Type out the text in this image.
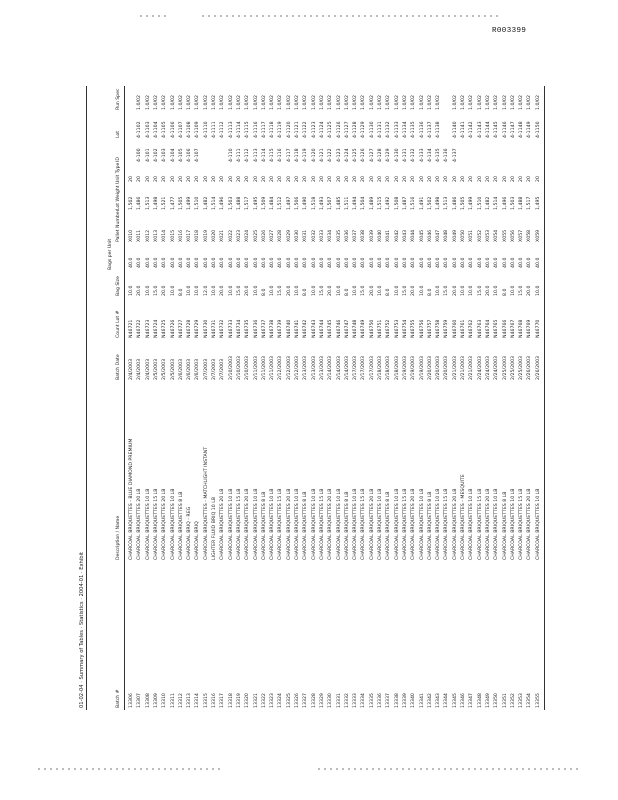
R003399
01-02-04 · Summary of Tables · Statistics · 2004-01 · Exhibit	Batch #
Description / Name
Batch Date
Count Lot #
Bag Size
Bags per Unit
Pallet Number
Lot Weight
Unit Type
ID
Lot
Run Spec
13306
CHARCOAL BRIQUETTES - BLUE DIAMOND PREMIUM
2/4/2003
N46721
10.0
40.0
X010
1,502
20
13307
CHARCOAL BRIQUETTES 20 LB
2/4/2003
N46722
20.0
40.0
X011
1,486
20
4-100
4-1102
1.0/02
13308
CHARCOAL BRIQUETTES 10 LB
2/4/2003
N46723
10.0
40.0
X012
1,513
20
4-101
4-1103
1.0/02
13309
CHARCOAL BRIQUETTES 15 LB
2/5/2003
N46724
15.0
40.0
X013
1,498
20
4-102
4-1104
1.0/02
13310
CHARCOAL BRIQUETTES 20 LB
2/5/2003
N46725
20.0
40.0
X014
1,521
20
4-103
4-1105
1.0/02
13311
CHARCOAL BRIQUETTES 10 LB
2/5/2003
N46726
10.0
40.0
X015
1,477
20
4-104
4-1106
1.0/02
13312
CHARCOAL BRIQUETTES 8 LB
2/6/2003
N46727
8.0
40.0
X016
1,505
20
4-105
4-1107
1.0/02
13313
CHARCOAL BRIQ - REG
2/6/2003
N46728
10.0
40.0
X017
1,499
20
4-106
4-1108
1.0/02
13314
CHARCOAL BRIQ
2/6/2003
N46729
10.0
40.0
X018
1,510
20
4-107
4-1109
1.0/02
13315
CHARCOAL BRIQUETTES - MATCHLIGHT INSTANT
2/7/2003
N46730
12.0
40.0
X019
1,482
20
4-1110
1.0/02
13316
LIGHTER FLUID BRIQ 10 LB
2/7/2003
N46731
10.0
40.0
X020
1,514
20
4-1111
1.0/02
13317
CHARCOAL BRIQUETTES 20 LB
2/7/2003
N46732
20.0
40.0
X021
1,496
20
4-1112
1.0/02
13318
CHARCOAL BRIQUETTES 10 LB
2/10/2003
N46733
10.0
40.0
X022
1,503
20
4-110
4-1113
1.0/02
13319
CHARCOAL BRIQUETTES 15 LB
2/10/2003
N46734
15.0
40.0
X023
1,488
20
4-111
4-1114
1.0/02
13320
CHARCOAL BRIQUETTES 20 LB
2/10/2003
N46735
20.0
40.0
X024
1,517
20
4-112
4-1115
1.0/02
13321
CHARCOAL BRIQUETTES 10 LB
2/11/2003
N46736
10.0
40.0
X025
1,495
20
4-113
4-1116
1.0/02
13322
CHARCOAL BRIQUETTES 8 LB
2/11/2003
N46737
8.0
40.0
X026
1,509
20
4-114
4-1117
1.0/02
13323
CHARCOAL BRIQUETTES 10 LB
2/11/2003
N46738
10.0
40.0
X027
1,484
20
4-115
4-1118
1.0/02
13324
CHARCOAL BRIQUETTES 15 LB
2/12/2003
N46739
15.0
40.0
X028
1,512
20
4-116
4-1119
1.0/02
13325
CHARCOAL BRIQUETTES 20 LB
2/12/2003
N46740
20.0
40.0
X029
1,497
20
4-117
4-1120
1.0/02
13326
CHARCOAL BRIQUETTES 10 LB
2/12/2003
N46741
10.0
40.0
X030
1,506
20
4-118
4-1121
1.0/02
13327
CHARCOAL BRIQUETTES 8 LB
2/13/2003
N46742
8.0
40.0
X031
1,490
20
4-119
4-1122
1.0/02
13328
CHARCOAL BRIQUETTES 10 LB
2/13/2003
N46743
10.0
40.0
X032
1,518
20
4-120
4-1123
1.0/02
13329
CHARCOAL BRIQUETTES 15 LB
2/13/2003
N46744
15.0
40.0
X033
1,493
20
4-121
4-1124
1.0/02
13330
CHARCOAL BRIQUETTES 20 LB
2/14/2003
N46745
20.0
40.0
X034
1,507
20
4-122
4-1125
1.0/02
13331
CHARCOAL BRIQUETTES 10 LB
2/14/2003
N46746
10.0
40.0
X035
1,485
20
4-123
4-1126
1.0/02
13332
CHARCOAL BRIQUETTES 8 LB
2/14/2003
N46747
8.0
40.0
X036
1,511
20
4-124
4-1127
1.0/02
13333
CHARCOAL BRIQUETTES 10 LB
2/17/2003
N46748
10.0
40.0
X037
1,494
20
4-125
4-1128
1.0/02
13334
CHARCOAL BRIQUETTES 15 LB
2/17/2003
N46749
15.0
40.0
X038
1,504
20
4-126
4-1129
1.0/02
13335
CHARCOAL BRIQUETTES 20 LB
2/17/2003
N46750
20.0
40.0
X039
1,489
20
4-127
4-1130
1.0/02
13336
CHARCOAL BRIQUETTES 10 LB
2/18/2003
N46751
10.0
40.0
X040
1,515
20
4-128
4-1131
1.0/02
13337
CHARCOAL BRIQUETTES 8 LB
2/18/2003
N46752
8.0
40.0
X041
1,492
20
4-129
4-1132
1.0/02
13338
CHARCOAL BRIQUETTES 10 LB
2/18/2003
N46753
10.0
40.0
X042
1,508
20
4-130
4-1133
1.0/02
13339
CHARCOAL BRIQUETTES 15 LB
2/19/2003
N46754
15.0
40.0
X043
1,487
20
4-131
4-1134
1.0/02
13340
CHARCOAL BRIQUETTES 20 LB
2/19/2003
N46755
20.0
40.0
X044
1,516
20
4-132
4-1135
1.0/02
13341
CHARCOAL BRIQUETTES 10 LB
2/19/2003
N46756
10.0
40.0
X045
1,491
20
4-133
4-1136
1.0/02
13342
CHARCOAL BRIQUETTES 8 LB
2/20/2003
N46757
8.0
40.0
X046
1,502
20
4-134
4-1137
1.0/02
13343
CHARCOAL BRIQUETTES 10 LB
2/20/2003
N46758
10.0
40.0
X047
1,498
20
4-135
4-1138
1.0/02
13344
CHARCOAL BRIQUETTES 15 LB
2/20/2003
N46759
15.0
40.0
X048
1,513
20
4-136
13345
CHARCOAL BRIQUETTES 20 LB
2/21/2003
N46760
20.0
40.0
X049
1,486
20
4-137
4-1140
1.0/02
13346
CHARCOAL BRIQUETTES - MESQUITE
2/21/2003
N46761
10.0
40.0
X050
1,505
20
4-1141
1.0/02
13347
CHARCOAL BRIQUETTES 10 LB
2/21/2003
N46762
10.0
40.0
X051
1,499
20
4-1142
1.0/02
13348
CHARCOAL BRIQUETTES 15 LB
2/24/2003
N46763
15.0
40.0
X052
1,510
20
4-1143
1.0/02
13349
CHARCOAL BRIQUETTES 20 LB
2/24/2003
N46764
20.0
40.0
X053
1,482
20
4-1144
1.0/02
13350
CHARCOAL BRIQUETTES 10 LB
2/24/2003
N46765
10.0
40.0
X054
1,514
20
4-1145
1.0/02
13351
CHARCOAL BRIQUETTES 8 LB
2/25/2003
N46766
8.0
40.0
X055
1,496
20
4-1146
1.0/02
13352
CHARCOAL BRIQUETTES 10 LB
2/25/2003
N46767
10.0
40.0
X056
1,503
20
4-1147
1.0/02
13353
CHARCOAL BRIQUETTES 15 LB
2/25/2003
N46768
15.0
40.0
X057
1,488
20
4-1148
1.0/02
13354
CHARCOAL BRIQUETTES 20 LB
2/26/2003
N46769
20.0
40.0
X058
1,517
20
4-1149
1.0/02
13355
CHARCOAL BRIQUETTES 10 LB
2/26/2003
N46770
10.0
40.0
X059
1,495
20
4-1150
1.0/02
